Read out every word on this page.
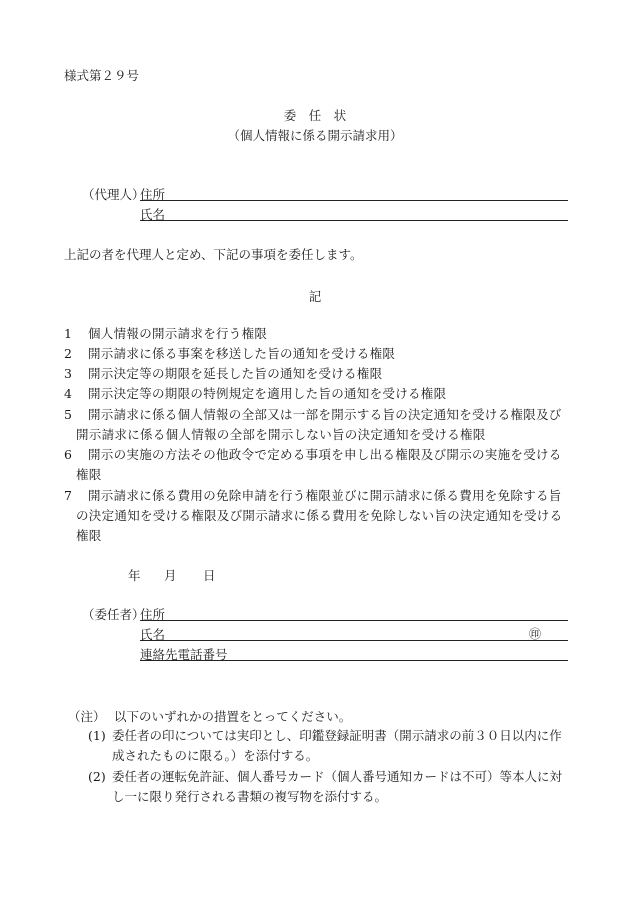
様式第２９号
委　任　状
（個人情報に係る開示請求用）
（代理人）
住所
氏名
上記の者を代理人と定め、下記の事項を委任します。
記
1	個人情報の開示請求を行う権限
2	開示請求に係る事案を移送した旨の通知を受ける権限
3	開示決定等の期限を延長した旨の通知を受ける権限
4	開示決定等の期限の特例規定を適用した旨の通知を受ける権限
5	開示請求に係る個人情報の全部又は一部を開示する旨の決定通知を受ける権限及び開示請求に係る個人情報の全部を開示しない旨の決定通知を受ける権限
6	開示の実施の方法その他政令で定める事項を申し出る権限及び開示の実施を受ける権限
7	開示請求に係る費用の免除申請を行う権限並びに開示請求に係る費用を免除する旨の決定通知を受ける権限及び開示請求に係る費用を免除しない旨の決定通知を受ける権限
年 月 日
（委任者）
住所
氏名	㊞
連絡先電話番号
（注） 以下のいずれかの措置をとってください。
(1) 委任者の印については実印とし、印鑑登録証明書（開示請求の前３０日以内に作成されたものに限る。）を添付する。
(2) 委任者の運転免許証、個人番号カード（個人番号通知カードは不可）等本人に対し一に限り発行される書類の複写物を添付する。
